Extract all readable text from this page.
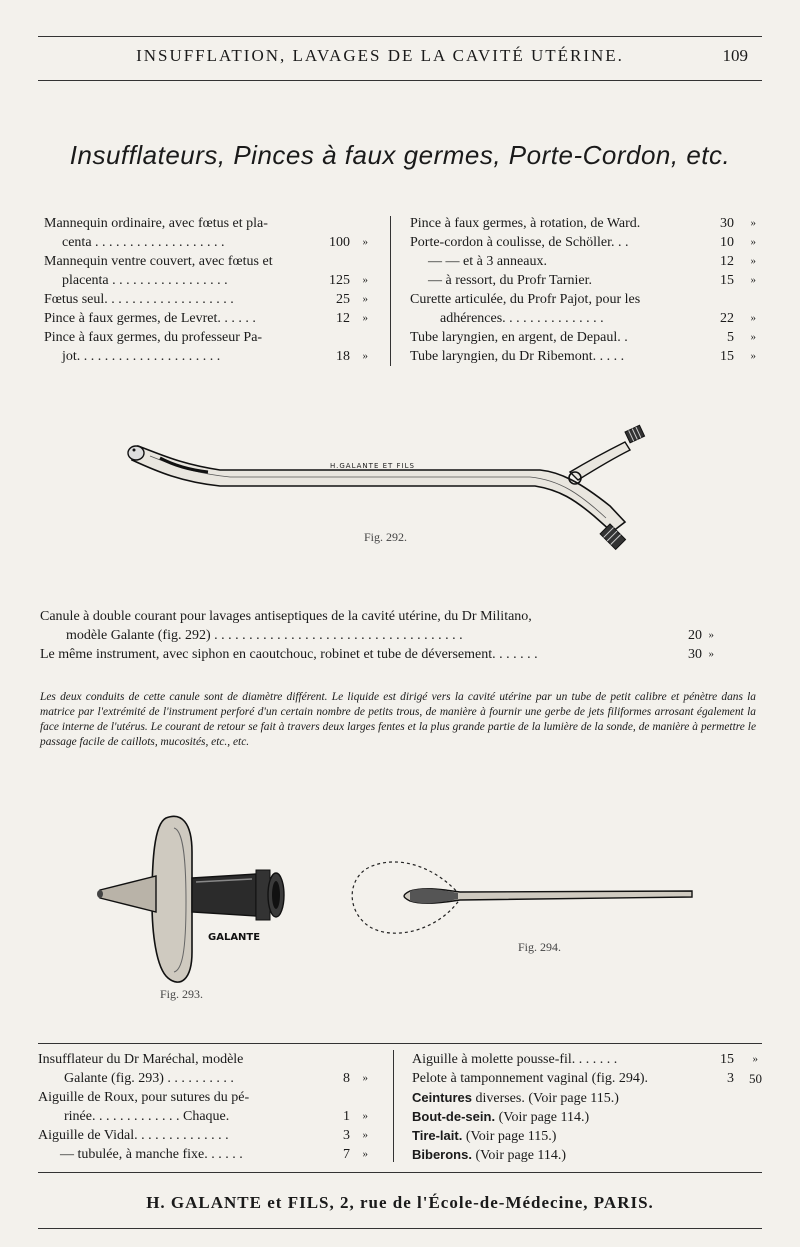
INSUFFLATION, LAVAGES DE LA CAVITÉ UTÉRINE.	109
Insufflateurs, Pinces à faux germes, Porte-Cordon, etc.
Mannequin ordinaire, avec fœtus et pla-
centa . . . . . . . . . . . . . . . . . . .	100 »
Mannequin ventre couvert, avec fœtus et
placenta . . . . . . . . . . . . . . . . .	125 »
Fœtus seul. . . . . . . . . . . . . . . . . . .	25 »
Pince à faux germes, de Levret. . . . . .	12 »
Pince à faux germes, du professeur Pa-
jot. . . . . . . . . . . . . . . . . . . . .	18 »
Pince à faux germes, à rotation, de Ward.	30 »
Porte-cordon à coulisse, de Schöller. . .	10 »
— — et à 3 anneaux.	12 »
— à ressort, du Profr Tarnier.	15 »
Curette articulée, du Profr Pajot, pour les
adhérences. . . . . . . . . . . . . . .	22 »
Tube laryngien, en argent, de Depaul. .	5 »
Tube laryngien, du Dr Ribemont. . . . .	15 »
H.GALANTE ET FILS
Fig. 292.
Canule à double courant pour lavages antiseptiques de la cavité utérine, du Dr Militano,
modèle Galante (fig. 292) . . . . . . . . . . . . . . . . . . . . . . . . . . . . . . . . . . . .	20 »
Le même instrument, avec siphon en caoutchouc, robinet et tube de déversement. . . . . . .	30 »
Les deux conduits de cette canule sont de diamètre différent. Le liquide est dirigé vers la cavité utérine par un tube de petit calibre et pénètre dans la matrice par l'extrémité de l'instrument perforé d'un certain nombre de petits trous, de manière à fournir une gerbe de jets filiformes arrosant également la face interne de l'utérus. Le courant de retour se fait à travers deux larges fentes et la plus grande partie de la lumière de la sonde, de manière à permettre le passage facile de caillots, mucosités, etc., etc.
GALANTE
Fig. 293.
Fig. 294.
Insufflateur du Dr Maréchal, modèle
Galante (fig. 293) . . . . . . . . . .	8 »
Aiguille de Roux, pour sutures du pé-
rinée. . . . . . . . . . . . . Chaque.	1 »
Aiguille de Vidal. . . . . . . . . . . . . .	3 »
— tubulée, à manche fixe. . . . . .	7 »
Aiguille à molette pousse-fil. . . . . . .	15 »
Pelote à tamponnement vaginal (fig. 294).	3 50
Ceintures diverses. (Voir page 115.)
Bout-de-sein. (Voir page 114.)
Tire-lait. (Voir page 115.)
Biberons. (Voir page 114.)
H. GALANTE et FILS, 2, rue de l'École-de-Médecine, PARIS.
